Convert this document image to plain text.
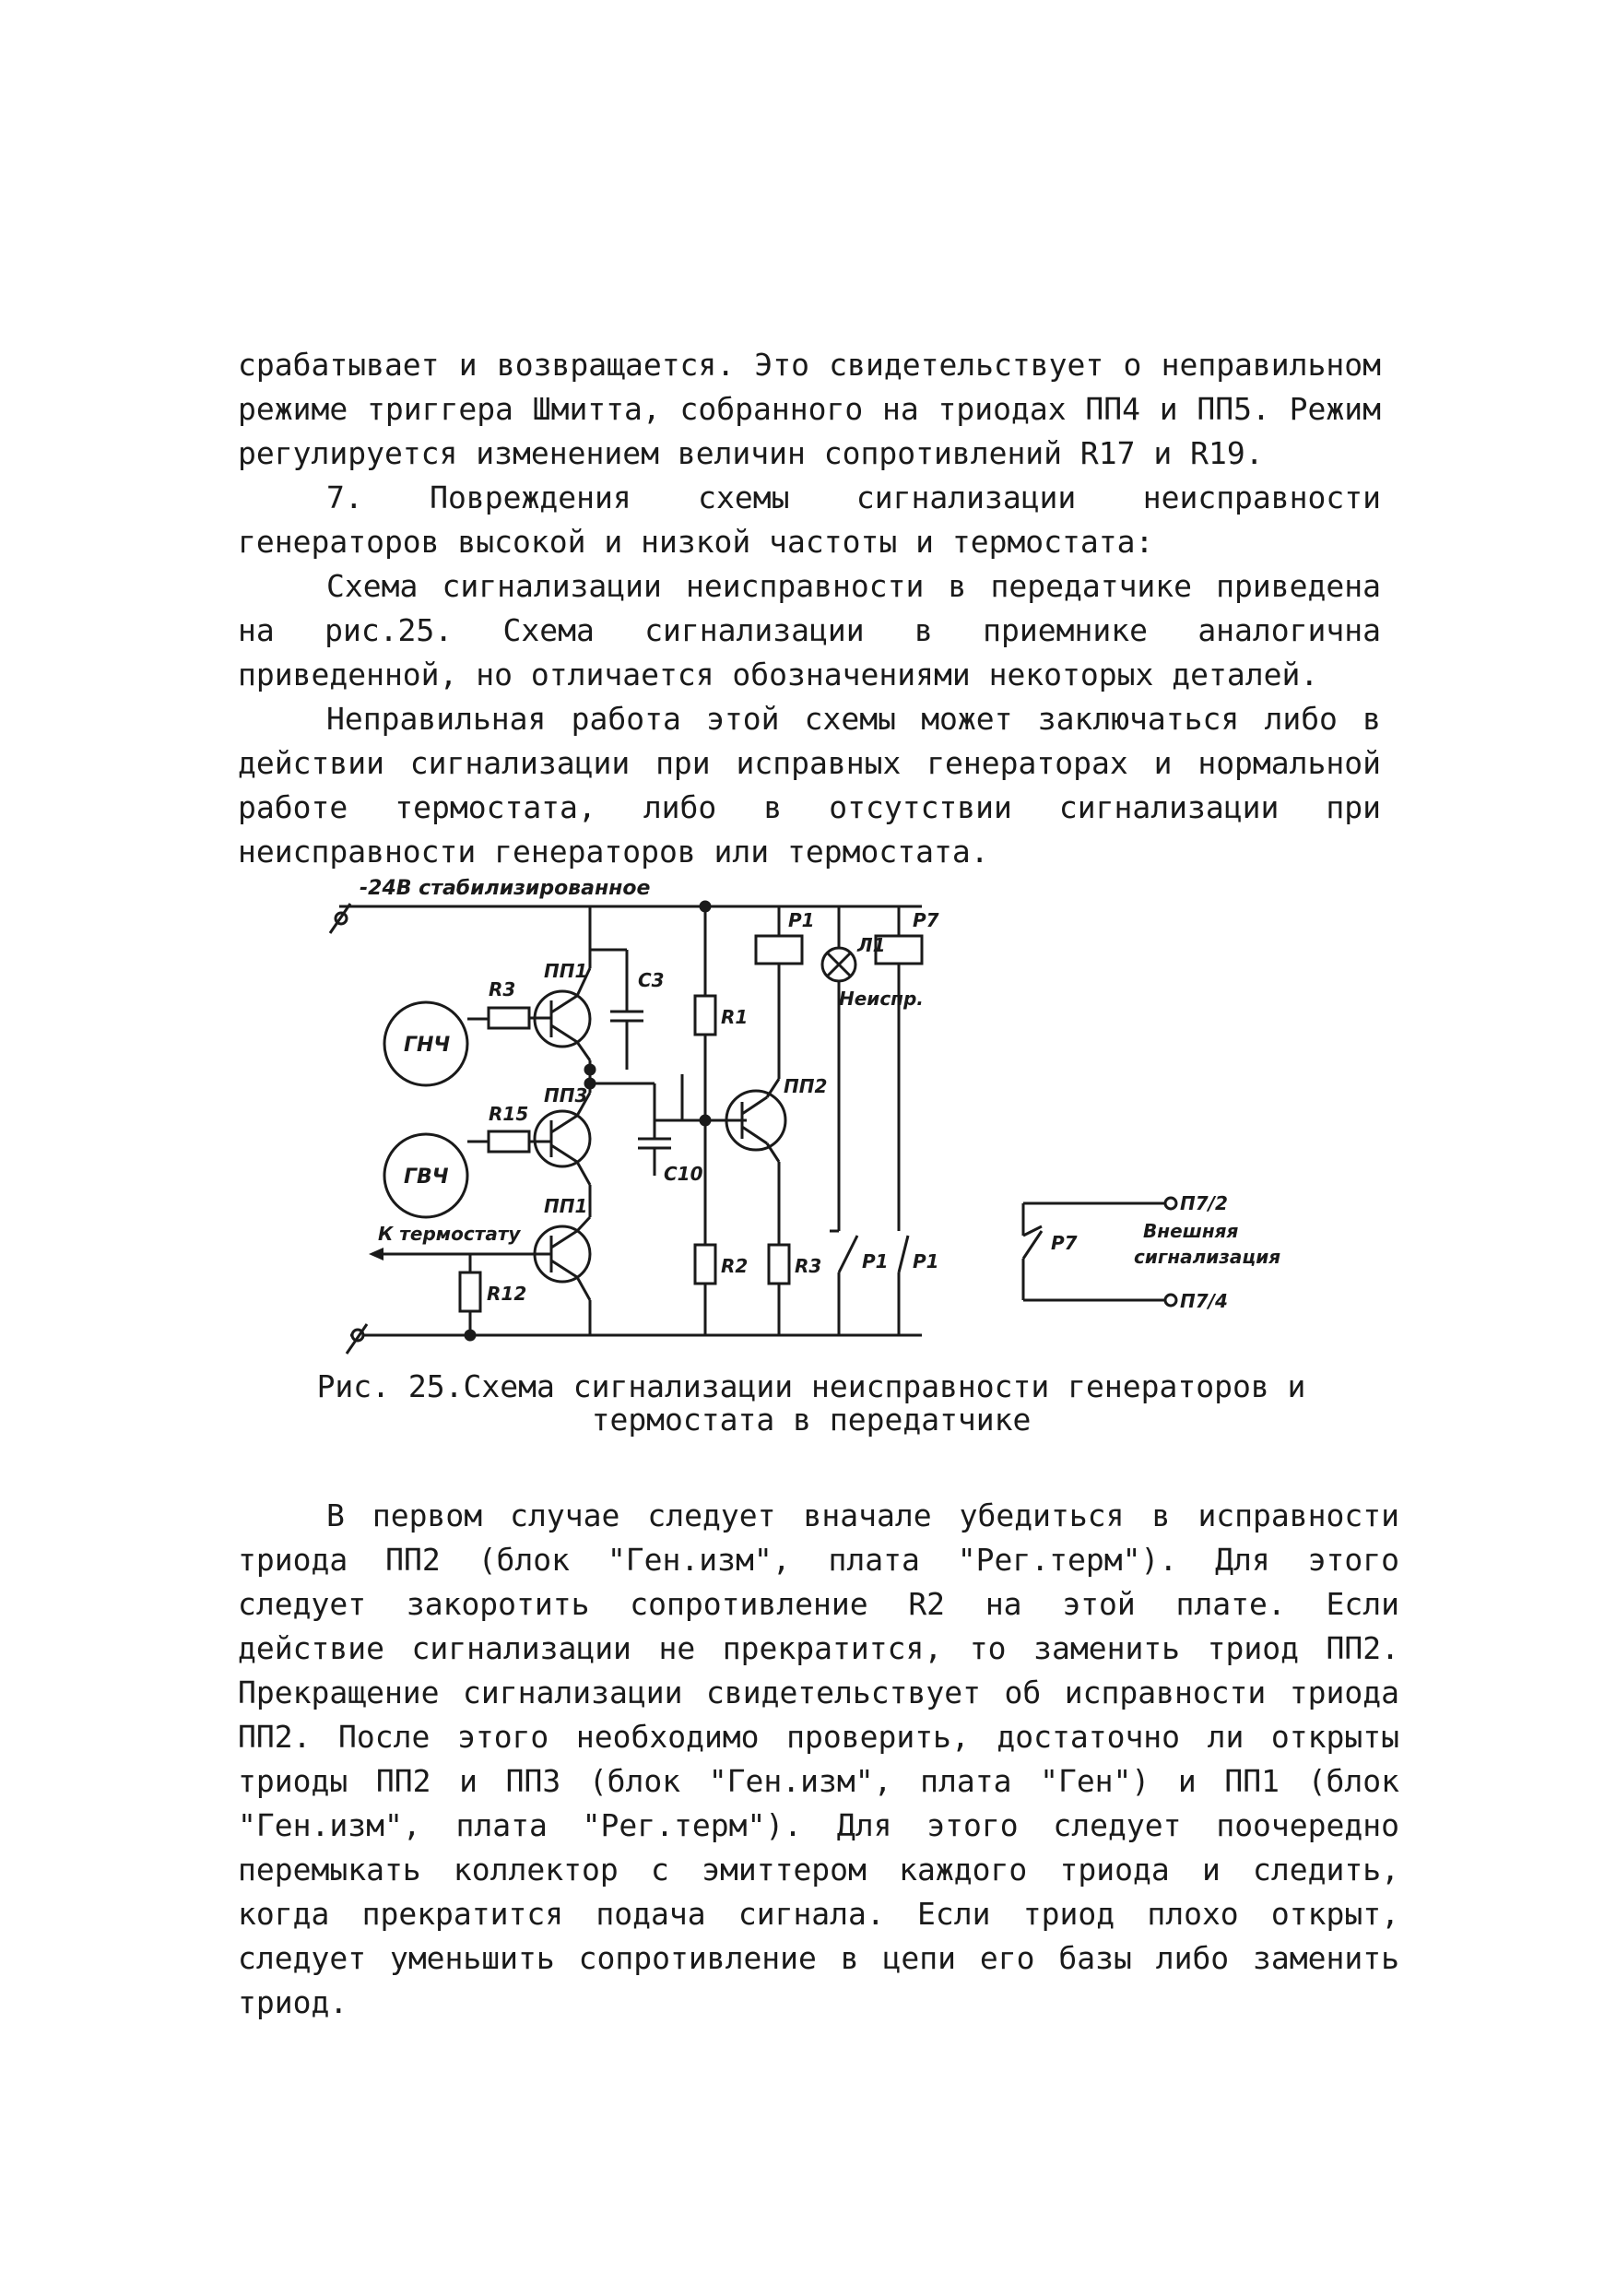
срабатывает и возвращается. Это свидетельствует о неправильном режиме триггера Шмитта, собранного на триодах ПП4 и ПП5. Режим регулируется изменением величин сопротивлений R17 и R19.

7. Повреждения схемы сигнализации неисправности генераторов высокой и низкой частоты и термостата:

Схема сигнализации неисправности в передатчике приведена на рис.25. Схема сигнализации в приемнике аналогична приведенной, но отличается обозначениями некоторых деталей.

Неправильная работа этой схемы может заключаться либо в действии сигнализации при исправных генераторах и нормальной работе термостата, либо в отсутствии сигнализации при неисправности генераторов или термостата.

-24В стабилизированное
ГНЧ
R3
ПП1	С3
С10
ГВЧ
R15
ПП3
ПП1
К термостату
R12
R1
R2
ПП2
R3
Р1
Л1
Неиспр.
Р1
Р7
Р1
Р7
П7/2
П7/4
Внешняя
сигнализация

Рис. 25.Схема сигнализации неисправности генераторов и
термостата в передатчике

В первом случае следует вначале убедиться в исправности триода ПП2 (блок "Ген.изм", плата "Рег.терм"). Для этого следует закоротить сопротивление R2 на этой плате. Если действие сигнализации не прекратится, то заменить триод ПП2. Прекращение сигнализации свидетельствует об исправности триода ПП2. После этого необходимо проверить, достаточно ли открыты триоды ПП2 и ПП3 (блок "Ген.изм", плата "Ген") и ПП1 (блок "Ген.изм", плата "Рег.терм"). Для этого следует поочередно перемыкать коллектор с эмиттером каждого триода и следить, когда прекратится подача сигнала. Если триод плохо открыт, следует уменьшить сопротивление в цепи его базы либо заменить триод.
